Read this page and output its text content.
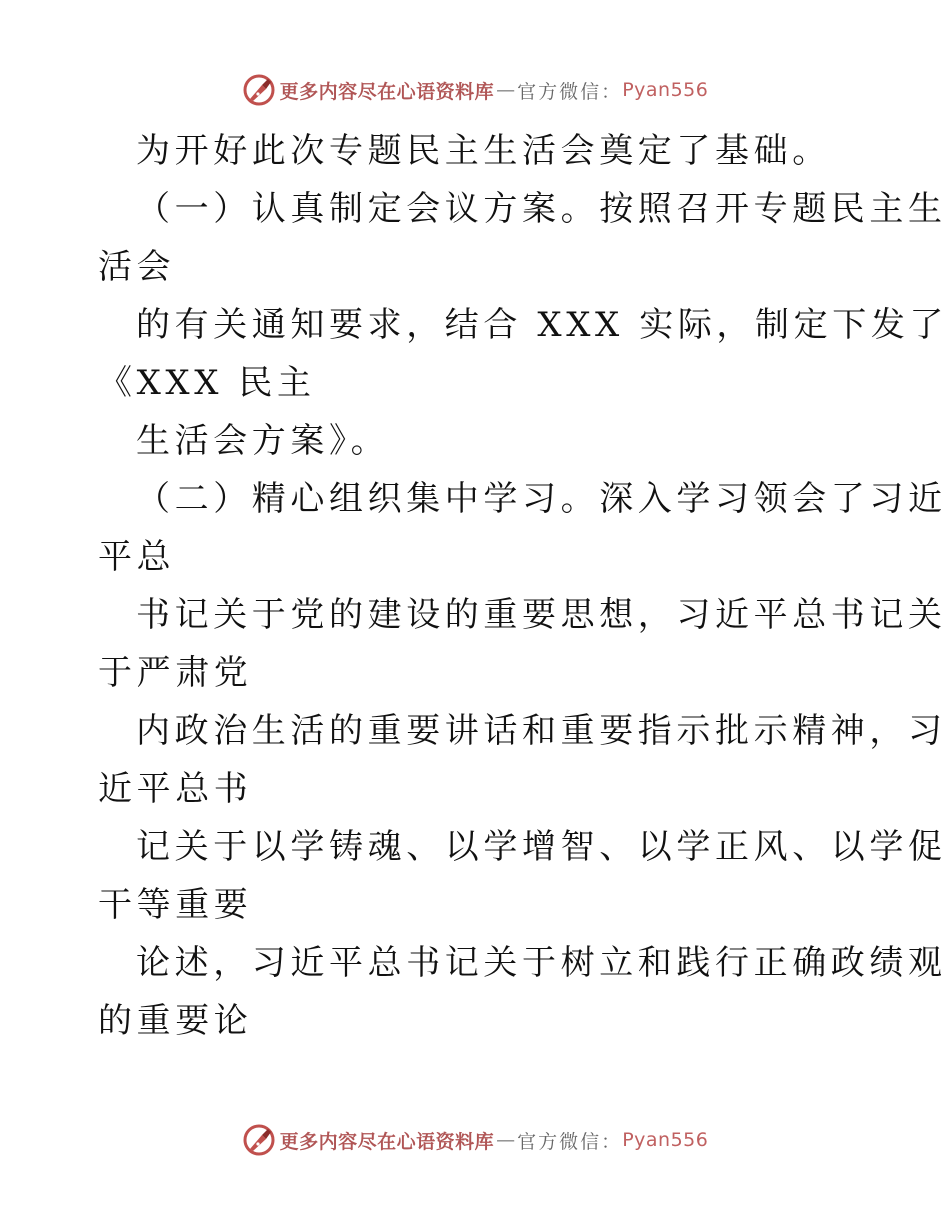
更多内容尽在心语资料库 — 官方微信： Pyan556
为开好此次专题民主生活会奠定了基础。
（一）认真制定会议方案。按照召开专题民主生
活会
的有关通知要求，结合 XXX 实际，制定下发了
《XXX 民主
生活会方案》。
（二）精心组织集中学习。深入学习领会了习近
平总
书记关于党的建设的重要思想，习近平总书记关
于严肃党
内政治生活的重要讲话和重要指示批示精神，习
近平总书
记关于以学铸魂、以学增智、以学正风、以学促
干等重要
论述，习近平总书记关于树立和践行正确政绩观
的重要论
更多内容尽在心语资料库 — 官方微信： Pyan556
